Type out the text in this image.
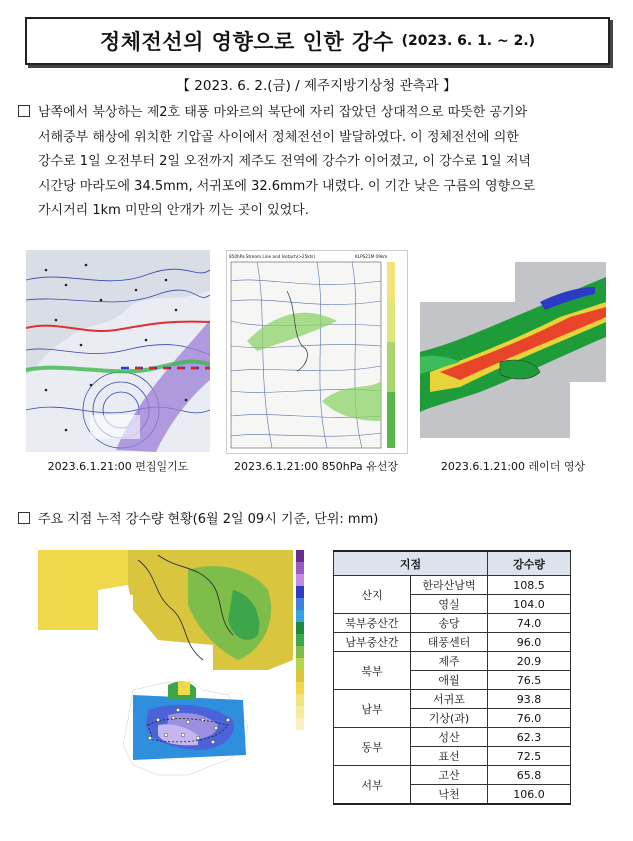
정체전선의 영향으로 인한 강수 (2023. 6. 1. ~ 2.)
【 2023. 6. 2.(금) / 제주지방기상청 관측과 】
남쪽에서 북상하는 제2호 태풍 마와르의 북단에 자리 잡았던 상대적으로 따뜻한 공기와
서해중부 해상에 위치한 기압골 사이에서 정체전선이 발달하였다. 이 정체전선에 의한
강수로 1일 오전부터 2일 오전까지 제주도 전역에 강수가 이어졌고, 이 강수로 1일 저녁
시간당 마라도에 34.5mm, 서귀포에 32.6mm가 내렸다. 이 기간 낮은 구름의 영향으로
가시거리 1km 미만의 안개가 끼는 곳이 있었다.
2023.6.1.21:00 편집일기도
850hPa Stream Line and Isotach(>25kts)	KLPS21M 09km
2023.6.1.21:00 850hPa 유선장	2023.6.1.21:00 레이더 영상
주요 지점 누적 강수량 현황(6월 2일 09시 기준, 단위: mm)
지점		강수량
산지	한라산남벽	108.5
	영실	104.0
북부중산간	송당	74.0
남부중산간	태풍센터	96.0
북부	제주	20.9
	애월	76.5
남부	서귀포	93.8
	기상(과)	76.0
동부	성산	62.3
	표선	72.5
서부	고산	65.8
	낙천	106.0
